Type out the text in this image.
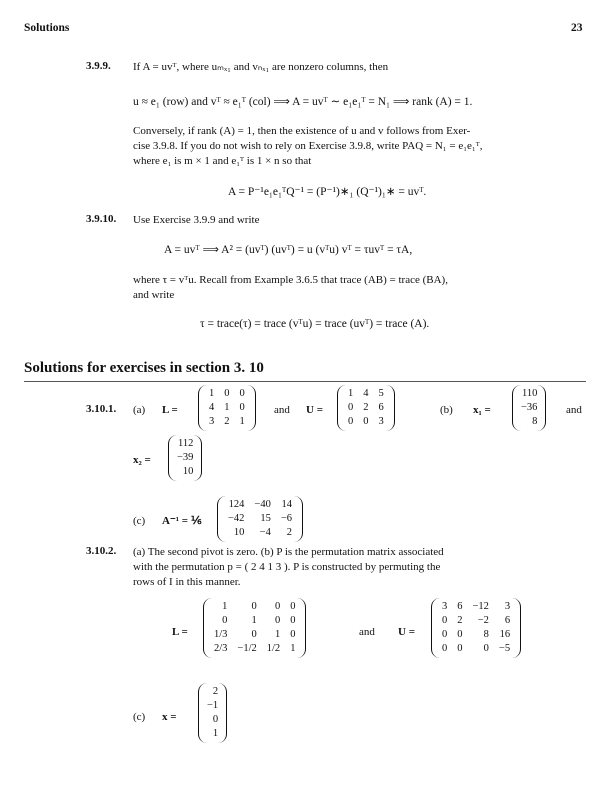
Solutions	23
3.9.9. If A = uvᵀ, where uₘₓ₁ and vₙₓ₁ are nonzero columns, then
u ≈ e₁ (row) and vᵀ ≈ e₁ᵀ (col) ⟹ A = uvᵀ ∼ e₁e₁ᵀ = N₁ ⟹ rank (A) = 1.
Conversely, if rank (A) = 1, then the existence of u and v follows from Exer-
cise 3.9.8. If you do not wish to rely on Exercise 3.9.8, write PAQ = N₁ = e₁e₁ᵀ,
where e₁ is m × 1 and e₁ᵀ is 1 × n so that
A = P⁻¹e₁e₁ᵀQ⁻¹ = (P⁻¹)∗₁ (Q⁻¹)₁∗ = uvᵀ.
3.9.10. Use Exercise 3.9.9 and write
A = uvᵀ ⟹ A² = (uvᵀ) (uvᵀ) = u (vᵀu) vᵀ = τuvᵀ = τA,
where τ = vᵀu. Recall from Example 3.6.5 that trace (AB) = trace (BA),
and write
τ = trace(τ) = trace (vᵀu) = trace (uvᵀ) = trace (A).
Solutions for exercises in section 3. 10
3.10.1. (a) L =
1	0	0
4	1	0
3	2	1
and U =
1	4	5
0	2	6
0	0	3
(b) x₁ =
110
−36
8
and
x₂ =
112
−39
10
(c) A⁻¹ = ⅙
124	−40	14
−42	15	−6
10	−4	2
3.10.2. (a) The second pivot is zero. (b) P is the permutation matrix associated
with the permutation p = ( 2 4 1 3 ). P is constructed by permuting the
rows of I in this manner.
L =
1	0	0	0
0	1	0	0
1/3	0	1	0
2/3	−1/2	1/2	1
and U =
3	6	−12	3
0	2	−2	6
0	0	8	16
0	0	0	−5
(c) x =
2
−1
0
1
